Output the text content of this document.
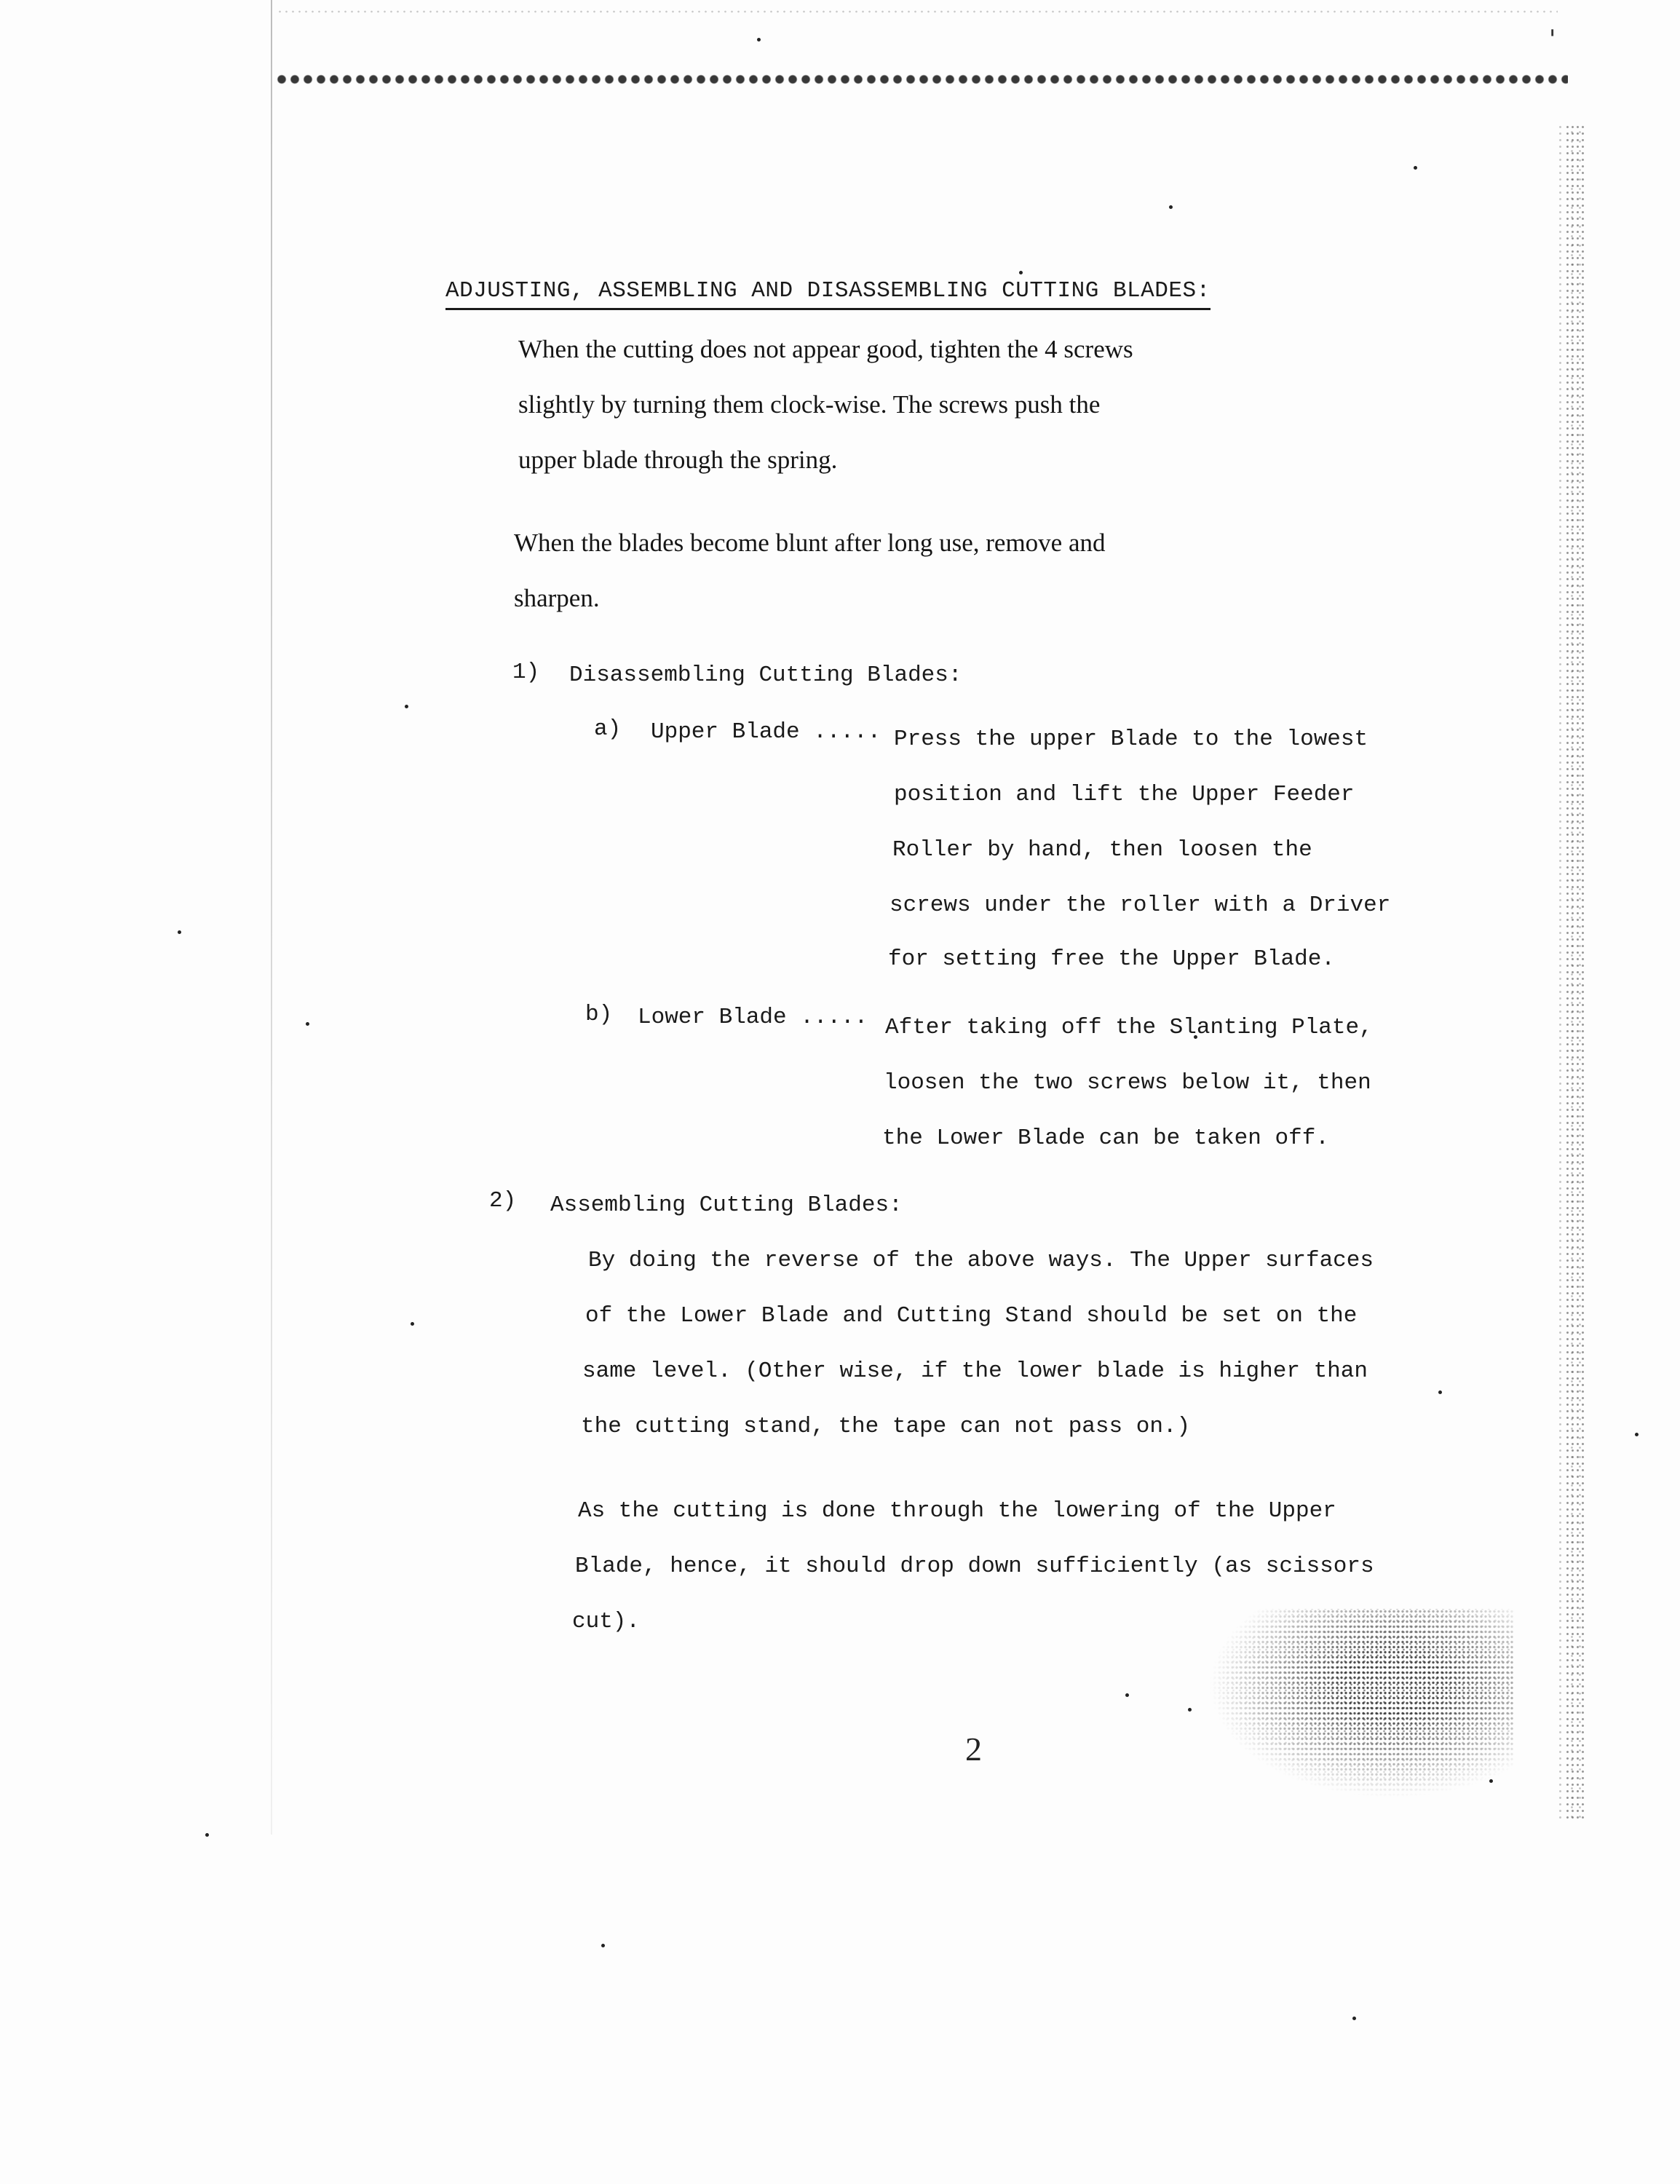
'
ADJUSTING, ASSEMBLING AND DISASSEMBLING CUTTING BLADES:
When the cutting does not appear good, tighten the 4 screws
slightly by turning them clock-wise. The screws push the
upper blade through the spring.
When the blades become blunt after long use, remove and
sharpen.
1) Disassembling Cutting Blades:
a) Upper Blade ..... Press the upper Blade to the lowest
position and lift the Upper Feeder
Roller by hand, then loosen the
screws under the roller with a Driver
for setting free the Upper Blade.
b) Lower Blade ..... After taking off the Slanting Plate,
loosen the two screws below it, then
the Lower Blade can be taken off.
2) Assembling Cutting Blades:
By doing the reverse of the above ways. The Upper surfaces
of the Lower Blade and Cutting Stand should be set on the
same level. (Other wise, if the lower blade is higher than
the cutting stand, the tape can not pass on.)
As the cutting is done through the lowering of the Upper
Blade, hence, it should drop down sufficiently (as scissors
cut).
2
